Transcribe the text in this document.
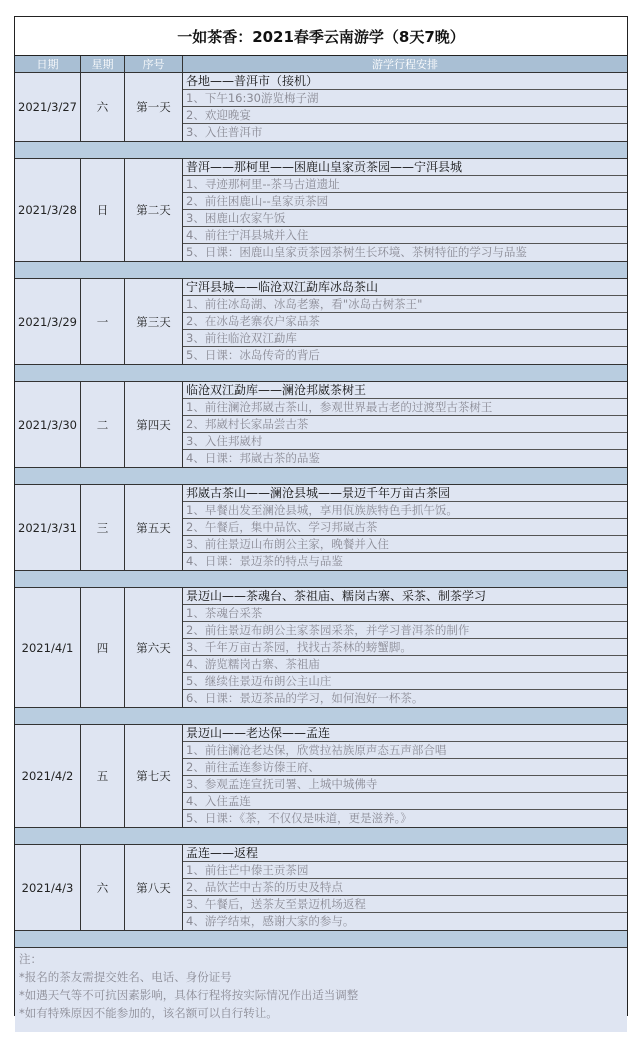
一如茶香：2021春季云南游学（8天7晚）
日期	星期	序号	游学行程安排
2021/3/27	六	第一天
各地——普洱市（接机）
1、下午16:30游览梅子湖
2、欢迎晚宴
3、入住普洱市
2021/3/28	日	第二天
普洱——那柯里——困鹿山皇家贡茶园——宁洱县城
1、寻迹那柯里--茶马古道遗址
2、前往困鹿山--皇家贡茶园
3、困鹿山农家午饭
4、前往宁洱县城并入住
5、日课：困鹿山皇家贡茶园茶树生长环境、茶树特征的学习与品鉴
2021/3/29	一	第三天
宁洱县城——临沧双江勐库冰岛茶山
1、前往冰岛湖、冰岛老寨，看"冰岛古树茶王"
2、在冰岛老寨农户家品茶
3、前往临沧双江勐库
5、日课：冰岛传奇的背后
2021/3/30	二	第四天
临沧双江勐库——澜沧邦崴茶树王
1、前往澜沧邦崴古茶山，参观世界最古老的过渡型古茶树王
2、邦崴村长家品尝古茶
3、入住邦崴村
4、日课：邦崴古茶的品鉴
2021/3/31	三	第五天
邦崴古茶山——澜沧县城——景迈千年万亩古茶园
1、早餐出发至澜沧县城，享用佤族族特色手抓午饭。
2、午餐后，集中品饮、学习邦崴古茶
3、前往景迈山布朗公主家，晚餐并入住
4、日课：景迈茶的特点与品鉴
2021/4/1	四	第六天
景迈山——茶魂台、茶祖庙、糯岗古寨、采茶、制茶学习
1、茶魂台采茶
2、前往景迈布朗公主家茶园采茶，并学习普洱茶的制作
3、千年万亩古茶园，找找古茶林的螃蟹脚。
4、游览糯岗古寨、茶祖庙
5、继续住景迈布朗公主山庄
6、日课：景迈茶品的学习，如何泡好一杯茶。
2021/4/2	五	第七天
景迈山——老达保——孟连
1、前往澜沧老达保，欣赏拉祜族原声态五声部合唱
2、前往孟连参访傣王府、
3、参观孟连宣抚司署、上城中城佛寺
4、入住孟连
5、日课：《茶，不仅仅是味道，更是滋养。》
2021/4/3	六	第八天
孟连——返程
1、前往芒中傣王贡茶园
2、品饮芒中古茶的历史及特点
3、午餐后，送茶友至景迈机场返程
4、游学结束，感谢大家的参与。
注：
*报名的茶友需提交姓名、电话、身份证号
*如遇天气等不可抗因素影响，具体行程将按实际情况作出适当调整
*如有特殊原因不能参加的，该名额可以自行转让。
